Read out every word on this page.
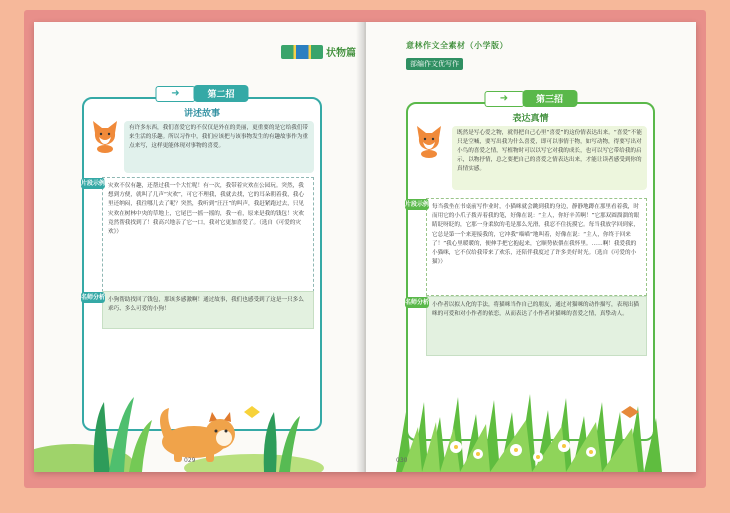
状物篇
➜	第二招
讲述故事
有许多东西，我们喜爱它的不仅仅是外在的美丽，更重要的是它给我们带来生活的乐趣。所以习作中，我们应该把与该事物发生的有趣故事作为重点来写，这样更能体现对事物的喜爱。
片段示例 灾欢不仅有趣，还帮过我一个大忙呢！有一次，我带着灾欢在公园玩。突然，我想到方便，就叫了几声“灾欢”，可它不理我，我就去找，它的耳朵朝着我，我心里还纳闷，我往哪儿去了呢？突然，我听到“汪汪”的叫声，我赶紧跑过去，只见灾欢在树林中央的草地上，它尾巴一摇一摇的，我一看，原来是我的钱包！灾欢竟然帮我找到了！我高兴地亲了它一口，我对它更加喜爱了。（选自《可爱的灾欢》）
名师分析 小狗帮助找回了钱包，那该多感激啊！通过故事，我们也感受到了这是一只多么乖巧、多么可爱的小狗！
029
意林作文全素材（小学版）
部编作文优写作
➜	第三招
表达真情
既然是写心爱之物，就得把自己心里“喜爱”的这份情表达出来。“喜爱”不能只是空喊，要写出我为什么喜爱，即可以事情于物，如写动物，得要写出对小鸟的喜爱之情，写植物时可以以写它对我的成长，也可以写它带给我的启示，以物抒情，总之要把自己的喜爱之情表达出来，才能让读者感受到你的真情实感。
片段示例 每当我坐在书桌前写作业时，小猫咪就会跳到我的身边，静静地蹲在那里看着我，时而用它的小爪子拨弄着我的笔，好像在说：“主人，你好辛苦啊！”它那双圆溜溜的眼睛眨呀眨的，它那一身柔软的毛是那么光滑，我忍不住抚摸它。每当我放学回到家，它总是第一个来迎接我的，它冲我“喵喵”地叫着，好像在说：“主人，你终于回来了！”我心里暖暖的，便伸手把它抱起来，它顺势依偎在我怀里。……啊！我爱我的小猫咪，它不仅给我带来了欢乐，还陪伴我度过了许多美好时光。（选自《可爱的小猫》）
名师分析 小作者以拟人化的手法，将猫咪当作自己的朋友，通过对猫咪的动作描写，表现出猫咪的可爱和对小作者的依恋，从而表达了小作者对猫咪的喜爱之情，真挚动人。
030
